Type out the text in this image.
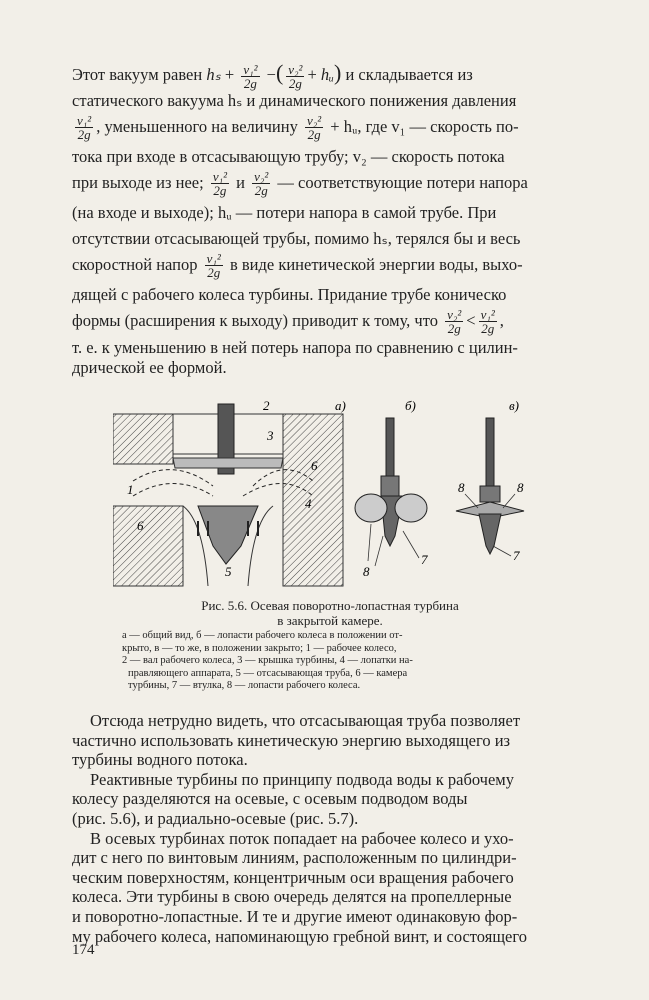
Этот вакуум равен $h_s + \frac{\text{v₁²}}{2g}$ −( $\frac{\text{v₂²}}{2g}$ + hᵤ) и складывается из
статического вакуума hₛ и динамического понижения давления
$\frac{\text{v₁²}}{2g}$ , уменьшенного на величину $\frac{\text{v₂²}}{2g}$ + hᵤ, где v₁ — скорость по-
тока при входе в отсасывающую трубу; v₂ — скорость потока
при выходе из нее; $\frac{\text{v₁²}}{2g}$ и $\frac{\text{v₂²}}{2g}$ — соответствующие потери напора
(на входе и выходе); hᵤ — потери напора в самой трубе. При
отсутствии отсасывающей трубы, помимо hₛ, терялся бы и весь
скоростной напор $\frac{\text{v₁²}}{2g}$ в виде кинетической энергии воды, выхо-
дящей с рабочего колеса турбины. Придание трубе коническо
формы (расширения к выходу) приводит к тому, что $\frac{\text{v₂²}}{2g} < \frac{\text{v₁²}}{2g}$ ,
т. е. к уменьшению в ней потерь напора по сравнению с цилин-
дрической ее формой.
2
3
6
1
4
6
5
а)	б)
8
7
в)
8	8
7
Рис. 5.6. Осевая поворотно-лопастная турбина
в закрытой камере.
а — общий вид, б — лопасти рабочего колеса в положении от-
крыто, в — то же, в положении закрыто; 1 — рабочее колесо,
2 — вал рабочего колеса, 3 — крышка турбины, 4 — лопатки на-
правляющего аппарата, 5 — отсасывающая труба, 6 — камера
турбины, 7 — втулка, 8 — лопасти рабочего колеса.
Отсюда нетрудно видеть, что отсасывающая труба позволяет
частично использовать кинетическую энергию выходящего из
турбины водного потока.
Реактивные турбины по принципу подвода воды к рабочему
колесу разделяются на осевые, с осевым подводом воды
(рис. 5.6), и радиально-осевые (рис. 5.7).
В осевых турбинах поток попадает на рабочее колесо и ухо-
дит с него по винтовым линиям, расположенным по цилиндри-
ческим поверхностям, концентричным оси вращения рабочего
колеса. Эти турбины в свою очередь делятся на пропеллерные
и поворотно-лопастные. И те и другие имеют одинаковую фор-
му рабочего колеса, напоминающую гребной винт, и состоящего
174
